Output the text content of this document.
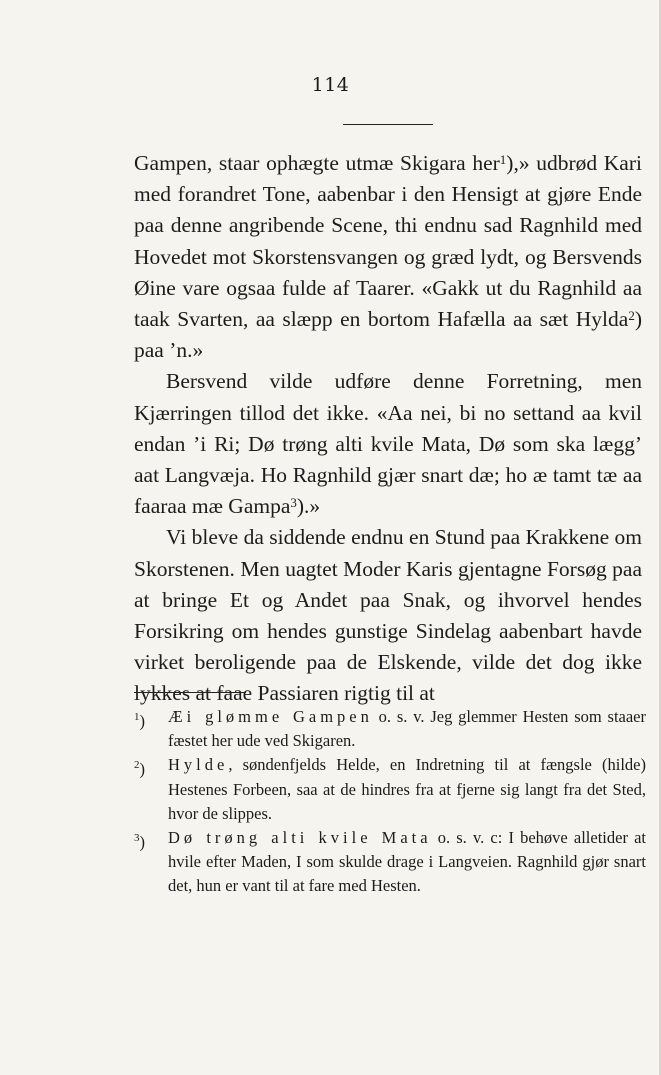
114

Gampen, staar ophægte utmæ Skigara her$^1$),» udbrød Kari med forandret Tone, aabenbar i den Hensigt at gjøre Ende paa denne angribende Scene, thi endnu sad Ragnhild med Hovedet mot Skorstensvangen og græd lydt, og Bersvends Øine vare ogsaa fulde af Taarer. «Gakk ut du Ragnhild aa taak Svarten, aa slæpp en bortom Hafælla aa sæt Hylda$^2$) paa ’n.»

Bersvend vilde udføre denne Forretning, men Kjærringen tillod det ikke. «Aa nei, bi no settand aa kvil endan ’i Ri; Dø trøng alti kvile Mata, Dø som ska lægg’ aat Langvæja. Ho Ragnhild gjær snart dæ; ho æ tamt tæ aa faaraa mæ Gampa$^3$).»

Vi bleve da siddende endnu en Stund paa Krakkene om Skorstenen. Men uagtet Moder Karis gjentagne Forsøg paa at bringe Et og Andet paa Snak, og ihvorvel hendes Forsikring om hendes gunstige Sindelag aabenbart havde virket beroligende paa de Elskende, vilde det dog ikke lykkes at faae Passiaren rigtig til at

$^1$) Æi glømme Gampen o. s. v. Jeg glemmer Hesten som staaer fæstet her ude ved Skigaren.
$^2$) Hylde, søndenfjelds Helde, en Indretning til at fængsle (hilde) Hestenes Forbeen, saa at de hindres fra at fjerne sig langt fra det Sted, hvor de slippes.
$^3$) Dø trøng alti kvile Mata o. s. v. c: I behøve alletider at hvile efter Maden, I som skulde drage i Langveien. Ragnhild gjør snart det, hun er vant til at fare med Hesten.
